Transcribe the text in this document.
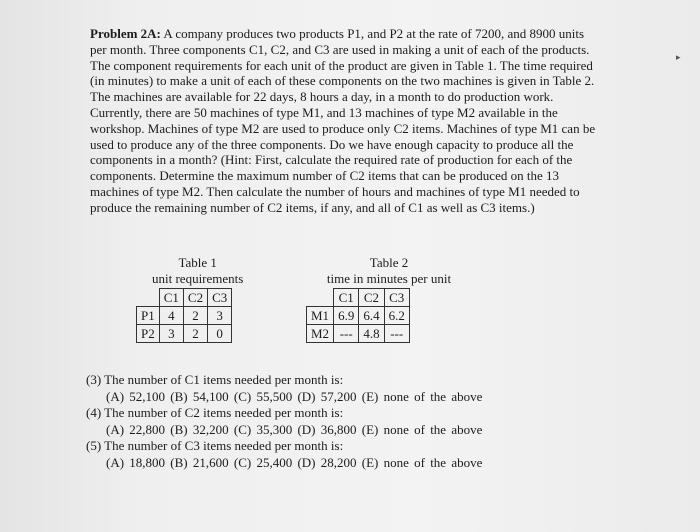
Problem 2A: A company produces two products P1, and P2 at the rate of 7200, and 8900 units

per month. Three components C1, C2, and C3 are used in making a unit of each of the products.

The component requirements for each unit of the product are given in Table 1. The time required

(in minutes) to make a unit of each of these components on the two machines is given in Table 2.

The machines are available for 22 days, 8 hours a day, in a month to do production work.

Currently, there are 50 machines of type M1, and 13 machines of type M2 available in the

workshop. Machines of type M2 are used to produce only C2 items. Machines of type M1 can be

used to produce any of the three components. Do we have enough capacity to produce all the

components in a month? (Hint: First, calculate the required rate of production for each of the

components. Determine the maximum number of C2 items that can be produced on the 13

machines of type M2. Then calculate the number of hours and machines of type M1 needed to

produce the remaining number of C2 items, if any, and all of C1 as well as C3 items.)

Table 1
unit requirements
	C1	C2	C3
P1	4	2	3
P2	3	2	0
Table 2
time in minutes per unit
	C1	C2	C3
M1	6.9	6.4	6.2
M2	---	4.8	---

(3) The number of C1 items needed per month is:

(A) 52,100 (B) 54,100 (C) 55,500 (D) 57,200 (E) none of the above

(4) The number of C2 items needed per month is:

(A) 22,800 (B) 32,200 (C) 35,300 (D) 36,800 (E) none of the above

(5) The number of C3 items needed per month is:

(A) 18,800 (B) 21,600 (C) 25,400 (D) 28,200 (E) none of the above

▸
